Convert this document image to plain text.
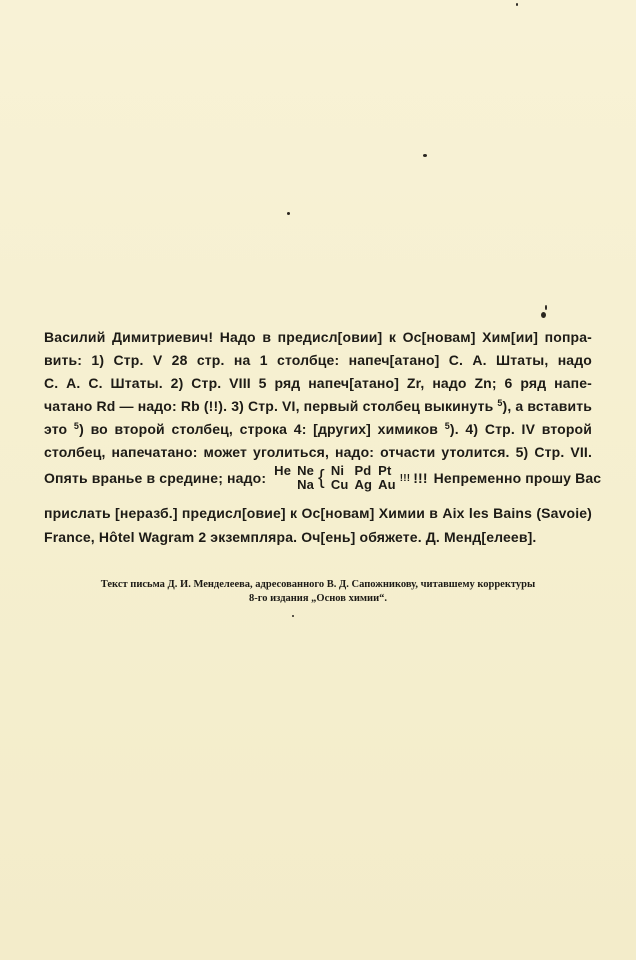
Василий Димитриевич! Надо в предисл[овии] к Ос[новам] Хим[ии] попра-
вить: 1) Стр. V 28 стр. на 1 столбце: напеч[атано] С. А. Штаты, надо
С. А. С. Штаты. 2) Стр. VIII 5 ряд напеч[атано] Zr, надо Zn; 6 ряд напе-
чатано Rd — надо: Rb (!!). 3) Стр. VI, первый столбец выкинуть $^5$), а вставить
это $^5$) во второй столбец, строка 4: [других] химиков $^5$). 4) Стр. IV второй
столбец, напечатано: может уголиться, надо: отчасти утолится. 5) Стр. VII.
Опять вранье в средине; надо: He
Ne
Na { Ni
Cu
Pd
Ag
Pt
Au !!! !!! Непременно прошу Вас
прислать [неразб.] предисл[овие] к Ос[новам] Химии в Aix les Bains (Savoie)
France, Hôtel Wagram 2 экземпляра. Оч[ень] обяжете. Д. Менд[елеев].
Текст письма Д. И. Менделеева, адресованного В. Д. Сапожникову, читавшему корректуры
8-го издания „Основ химии“.
